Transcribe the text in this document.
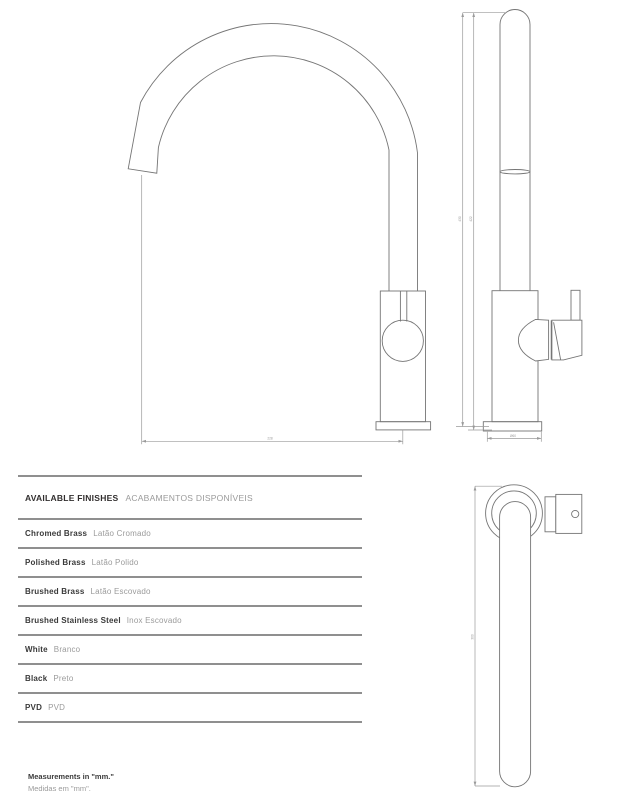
228
430 422
Ø60
300
AVAILABLE FINISHES ACABAMENTOS DISPONÍVEIS
Chromed Brass Latão Cromado
Polished Brass Latão Polido
Brushed Brass Latão Escovado
Brushed Stainless Steel Inox Escovado
White Branco
Black Preto
PVD PVD
Measurements in "mm."
Medidas em "mm".
